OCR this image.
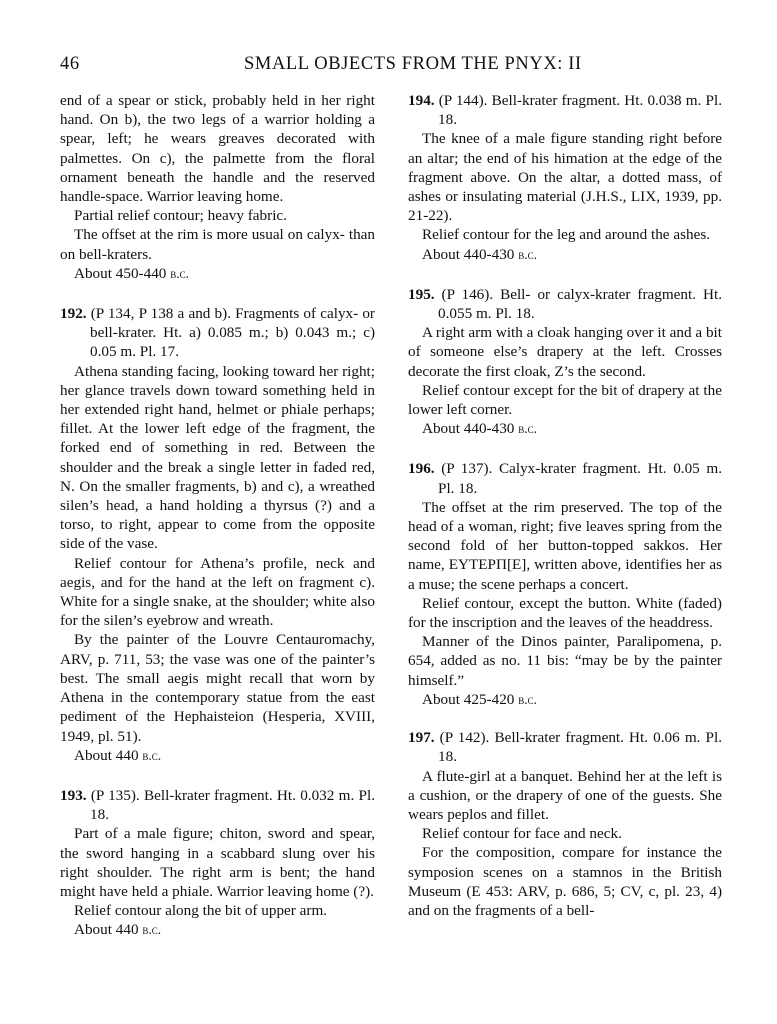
46	SMALL OBJECTS FROM THE PNYX: II

end of a spear or stick, probably held in her right hand. On b), the two legs of a warrior holding a spear, left; he wears greaves decorated with palmettes. On c), the palmette from the floral ornament beneath the handle and the reserved handle-space. Warrior leaving home.

Partial relief contour; heavy fabric.

The offset at the rim is more usual on calyx- than on bell-kraters.

About 450-440 b.c.

192. (P 134, P 138 a and b). Fragments of calyx- or bell-krater. Ht. a) 0.085 m.; b) 0.043 m.; c) 0.05 m. Pl. 17.

Athena standing facing, looking toward her right; her glance travels down toward something held in her extended right hand, helmet or phiale perhaps; fillet. At the lower left edge of the fragment, the forked end of something in red. Between the shoulder and the break a single letter in faded red, N. On the smaller fragments, b) and c), a wreathed silen’s head, a hand holding a thyrsus (?) and a torso, to right, appear to come from the opposite side of the vase.

Relief contour for Athena’s profile, neck and aegis, and for the hand at the left on fragment c). White for a single snake, at the shoulder; white also for the silen’s eyebrow and wreath.

By the painter of the Louvre Centauromachy, ARV, p. 711, 53; the vase was one of the painter’s best. The small aegis might recall that worn by Athena in the contemporary statue from the east pediment of the Hephaisteion (Hesperia, XVIII, 1949, pl. 51).

About 440 b.c.

193. (P 135). Bell-krater fragment. Ht. 0.032 m. Pl. 18.

Part of a male figure; chiton, sword and spear, the sword hanging in a scabbard slung over his right shoulder. The right arm is bent; the hand might have held a phiale. Warrior leaving home (?).

Relief contour along the bit of upper arm.

About 440 b.c.

194. (P 144). Bell-krater fragment. Ht. 0.038 m. Pl. 18.

The knee of a male figure standing right before an altar; the end of his himation at the edge of the fragment above. On the altar, a dotted mass, of ashes or insulating material (J.H.S., LIX, 1939, pp. 21-22).

Relief contour for the leg and around the ashes.

About 440-430 b.c.

195. (P 146). Bell- or calyx-krater fragment. Ht. 0.055 m. Pl. 18.

A right arm with a cloak hanging over it and a bit of someone else’s drapery at the left. Crosses decorate the first cloak, Z’s the second.

Relief contour except for the bit of drapery at the lower left corner.

About 440-430 b.c.

196. (P 137). Calyx-krater fragment. Ht. 0.05 m. Pl. 18.

The offset at the rim preserved. The top of the head of a woman, right; five leaves spring from the second fold of her button-topped sakkos. Her name, ΕΥΤΕΡΠ[Ε], written above, identifies her as a muse; the scene perhaps a concert.

Relief contour, except the button. White (faded) for the inscription and the leaves of the headdress.

Manner of the Dinos painter, Paralipomena, p. 654, added as no. 11 bis: “may be by the painter himself.”

About 425-420 b.c.

197. (P 142). Bell-krater fragment. Ht. 0.06 m. Pl. 18.

A flute-girl at a banquet. Behind her at the left is a cushion, or the drapery of one of the guests. She wears peplos and fillet.

Relief contour for face and neck.

For the composition, compare for instance the symposion scenes on a stamnos in the British Museum (E 453: ARV, p. 686, 5; CV, c, pl. 23, 4) and on the fragments of a bell-
